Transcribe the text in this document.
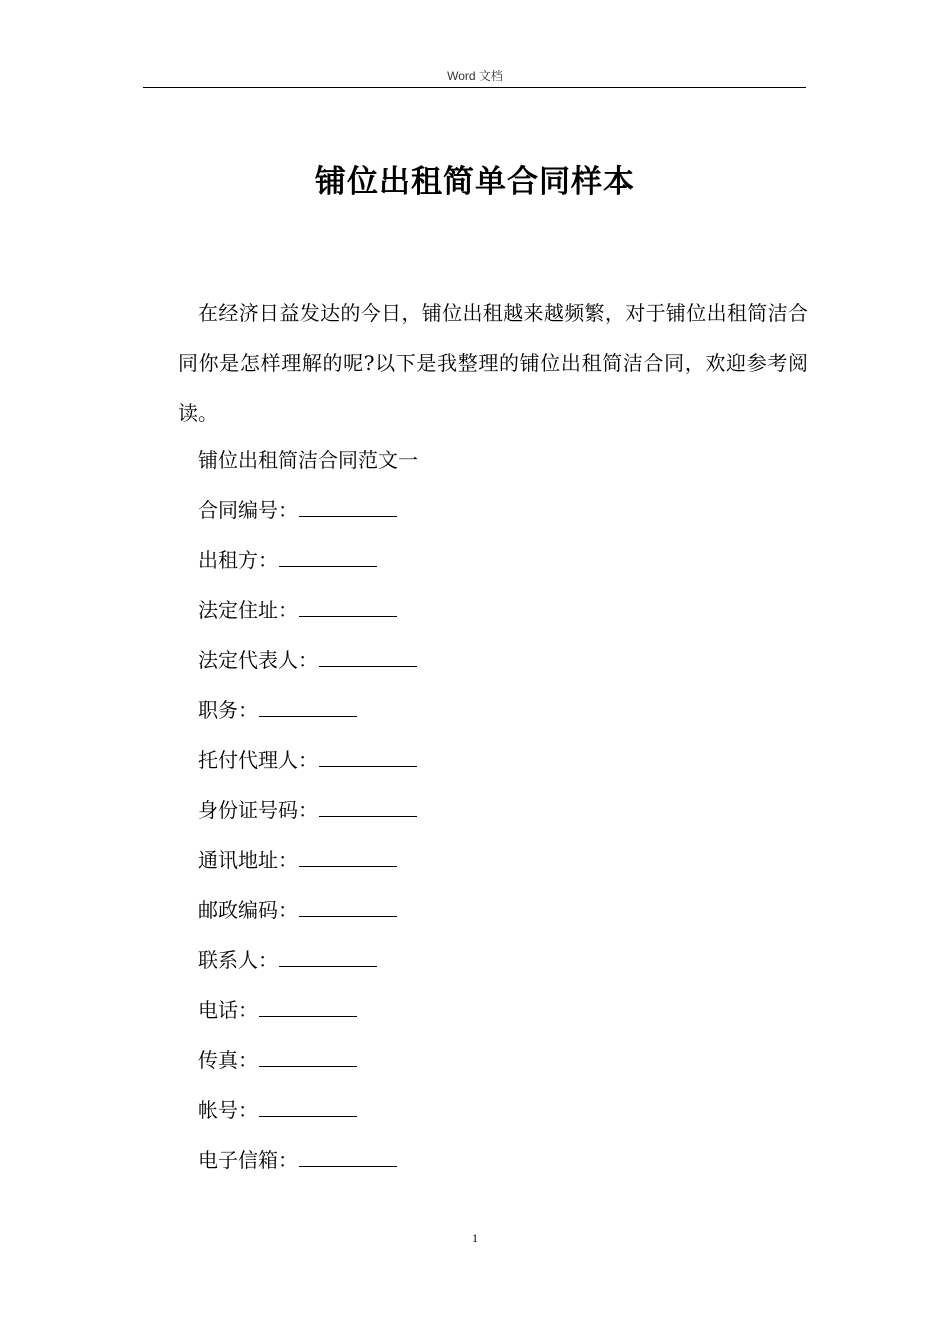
Word 文档
铺位出租简单合同样本

在经济日益发达的今日，铺位出租越来越频繁，对于铺位出租简洁合同你是怎样理解的呢?以下是我整理的铺位出租简洁合同，欢迎参考阅读。

铺位出租简洁合同范文一
合同编号：
出租方：
法定住址：
法定代表人：
职务：
托付代理人：
身份证号码：
通讯地址：
邮政编码：
联系人：
电话：
传真：
帐号：
电子信箱：
1
